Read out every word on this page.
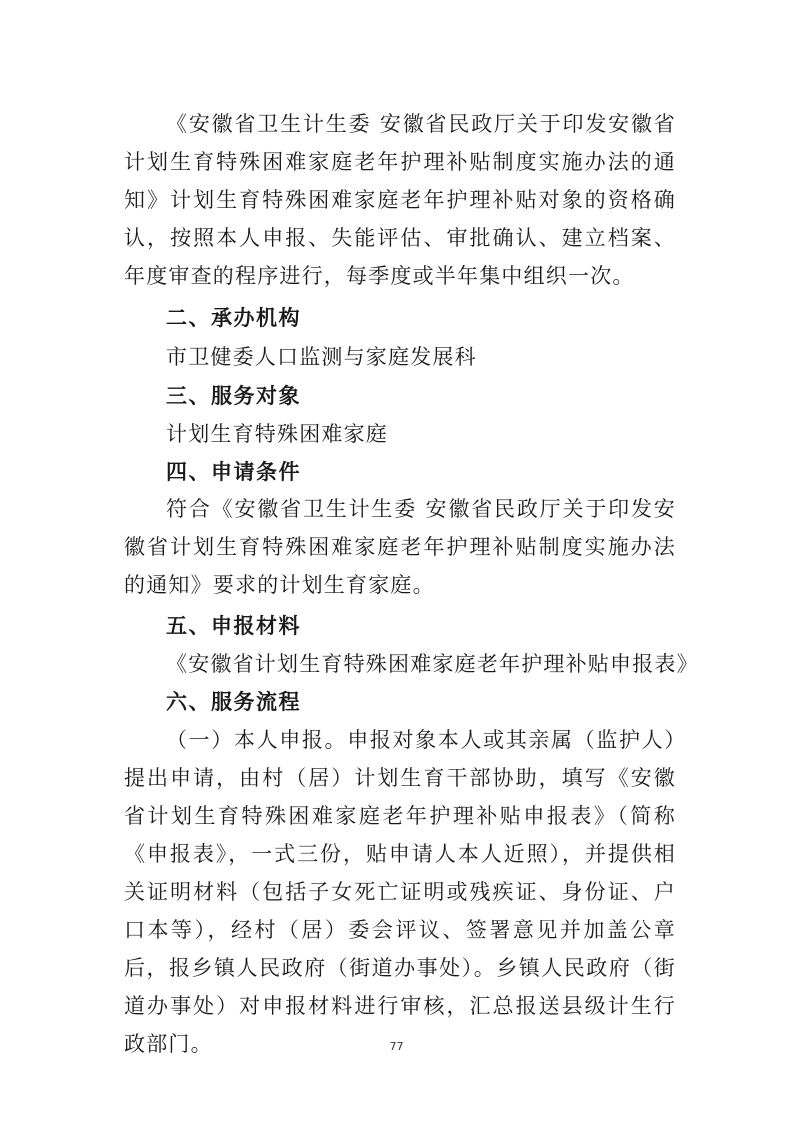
《安徽省卫生计生委 安徽省民政厅关于印发安徽省计划生育特殊困难家庭老年护理补贴制度实施办法的通知》计划生育特殊困难家庭老年护理补贴对象的资格确认，按照本人申报、失能评估、审批确认、建立档案、年度审查的程序进行，每季度或半年集中组织一次。

二、承办机构

市卫健委人口监测与家庭发展科

三、服务对象

计划生育特殊困难家庭

四、申请条件

符合《安徽省卫生计生委 安徽省民政厅关于印发安徽省计划生育特殊困难家庭老年护理补贴制度实施办法的通知》要求的计划生育家庭。

五、申报材料

《安徽省计划生育特殊困难家庭老年护理补贴申报表》

六、服务流程

（一）本人申报。申报对象本人或其亲属（监护人）提出申请，由村（居）计划生育干部协助，填写《安徽省计划生育特殊困难家庭老年护理补贴申报表》（简称《申报表》，一式三份，贴申请人本人近照），并提供相关证明材料（包括子女死亡证明或残疾证、身份证、户口本等），经村（居）委会评议、签署意见并加盖公章后，报乡镇人民政府（街道办事处）。乡镇人民政府（街道办事处）对申报材料进行审核，汇总报送县级计生行政部门。	77
